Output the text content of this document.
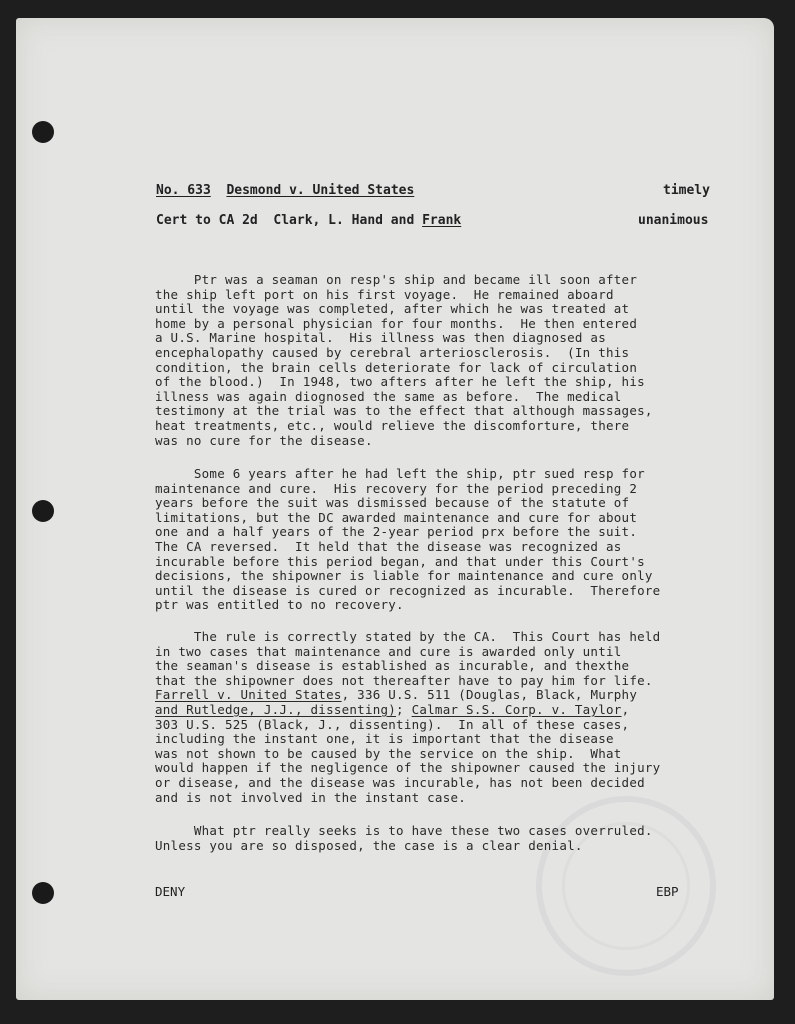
No. 633 Desmond v. United States	timely
Cert to CA 2d  Clark, L. Hand and Frank	unanimous
Ptr was a seaman on resp's ship and became ill soon after
the ship left port on his first voyage.  He remained aboard
until the voyage was completed, after which he was treated at
home by a personal physician for four months.  He then entered
a U.S. Marine hospital.  His illness was then diagnosed as
encephalopathy caused by cerebral arteriosclerosis.  (In this
condition, the brain cells deteriorate for lack of circulation
of the blood.)  In 1948, two afters after he left the ship, his
illness was again diognosed the same as before.  The medical
testimony at the trial was to the effect that although massages,
heat treatments, etc., would relieve the discomforture, there
was no cure for the disease.
Some 6 years after he had left the ship, ptr sued resp for
maintenance and cure.  His recovery for the period preceding 2
years before the suit was dismissed because of the statute of
limitations, but the DC awarded maintenance and cure for about
one and a half years of the 2-year period prx before the suit.
The CA reversed.  It held that the disease was recognized as
incurable before this period began, and that under this Court's
decisions, the shipowner is liable for maintenance and cure only
until the disease is cured or recognized as incurable.  Therefore
ptr was entitled to no recovery.
The rule is correctly stated by the CA.  This Court has held
in two cases that maintenance and cure is awarded only until
the seaman's disease is established as incurable, and thexthe
that the shipowner does not thereafter have to pay him for life.
Farrell v. United States, 336 U.S. 511 (Douglas, Black, Murphy
and Rutledge, J.J., dissenting); Calmar S.S. Corp. v. Taylor,
303 U.S. 525 (Black, J., dissenting).  In all of these cases,
including the instant one, it is important that the disease
was not shown to be caused by the service on the ship.  What
would happen if the negligence of the shipowner caused the injury
or disease, and the disease was incurable, has not been decided
and is not involved in the instant case.
What ptr really seeks is to have these two cases overruled.
Unless you are so disposed, the case is a clear denial.
DENY	EBP
